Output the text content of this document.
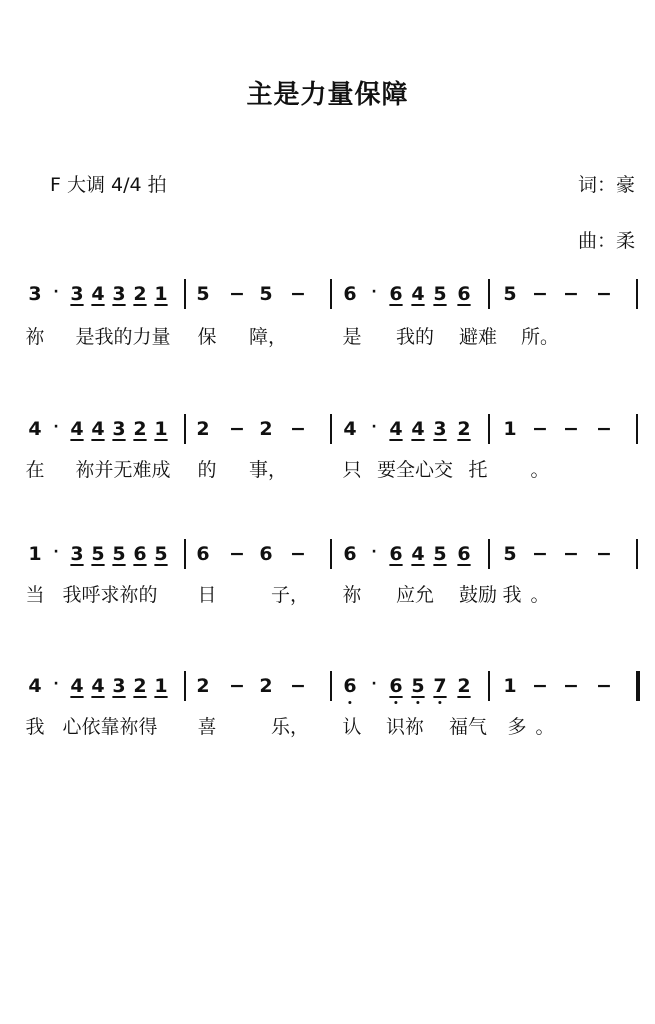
主是力量保障
F 大调 4/4 拍	词：豪
曲：柔
3 · 3 4 3 2 1 5 − 5 − 6 · 6 4 5 6 5 − − −
祢 是我的力量 保 障，	是 我的 避难 所。
4 · 4 4 3 2 1 2 − 2 − 4 · 4 4 3 2 1 − − −
在 祢并无难成 的 事，	只 要全心交 托 。
1 · 3 5 5 6 5 6 − 6 − 6 · 6 4 5 6 5 − − −
当 我呼求祢的 日	子， 祢 应允 鼓励 我 。
4 · 4 4 3 2 1 2 − 2 − 6 · 6 5 7 2 1 − − −
我 心依靠祢得 喜	乐， 认 识祢 福气 多 。
